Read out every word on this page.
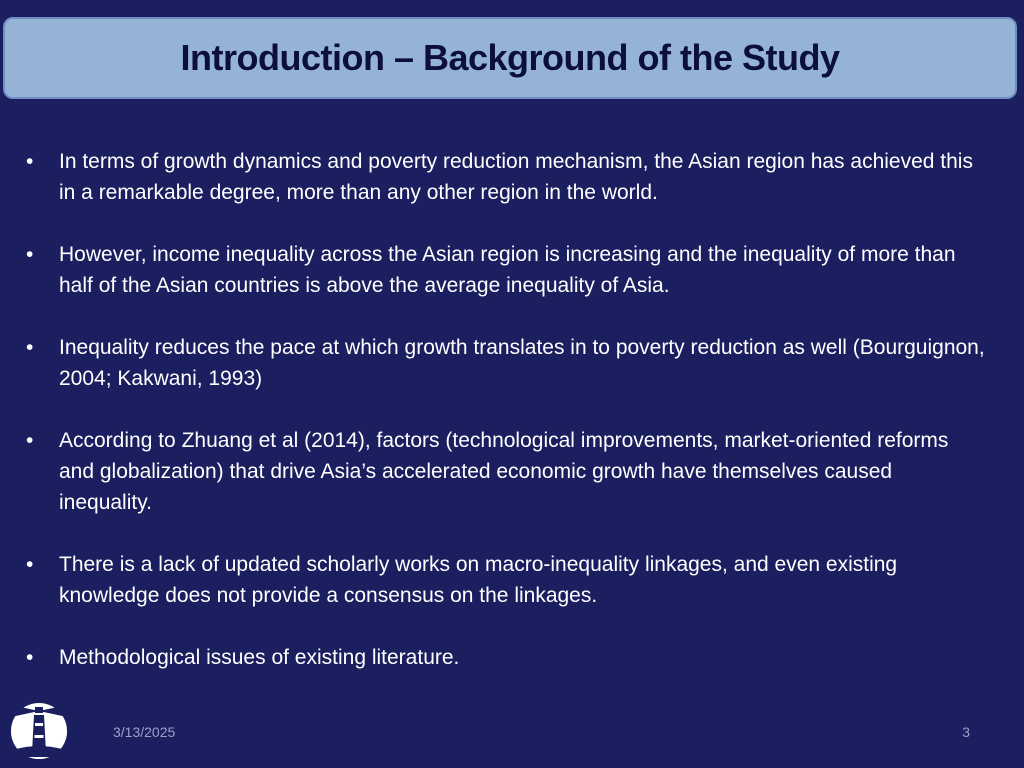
Introduction – Background of the Study
• In terms of growth dynamics and poverty reduction mechanism, the Asian region has achieved this in a remarkable degree, more than any other region in the world.
• However, income inequality across the Asian region is increasing and the inequality of more than half of the Asian countries is above the average inequality of Asia.
• Inequality reduces the pace at which growth translates in to poverty reduction as well (Bourguignon, 2004; Kakwani, 1993)
• According to Zhuang et al (2014), factors (technological improvements, market-oriented reforms and globalization) that drive Asia’s accelerated economic growth have themselves caused inequality.
• There is a lack of updated scholarly works on macro-inequality linkages, and even existing knowledge does not provide a consensus on the linkages.
• Methodological issues of existing literature.
3/13/2025	3
